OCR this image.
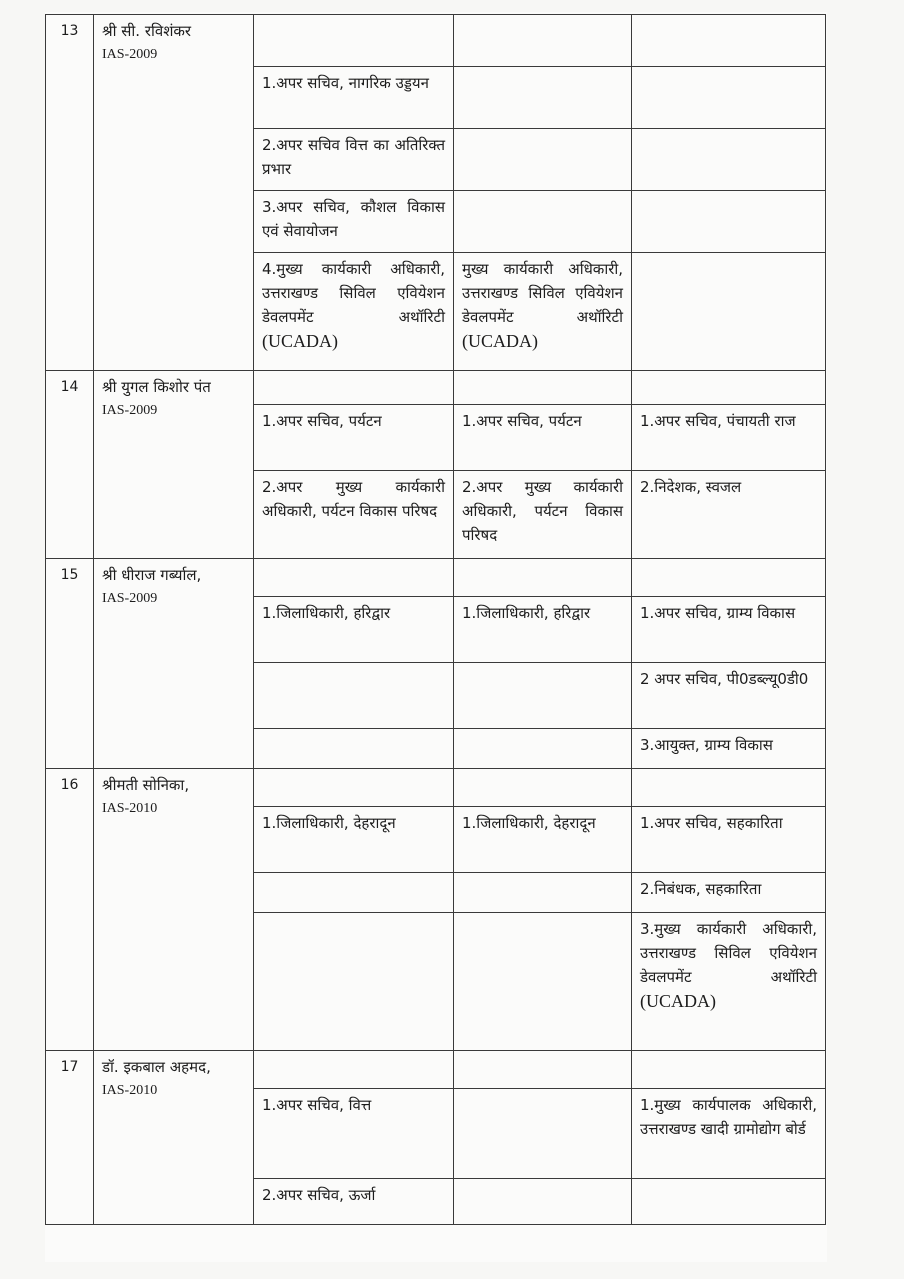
13	श्री सी. रविशंकर
IAS-2009			

		1.अपर सचिव, नागरिक उड्डयन		
		2.अपर सचिव वित्त का अतिरिक्त प्रभार		
		3.अपर सचिव, कौशल विकास एवं सेवायोजन		
		4.मुख्य कार्यकारी अधिकारी, उत्तराखण्ड सिविल एवियेशन डेवलपमेंट अथॉरिटी (UCADA)	मुख्य कार्यकारी अधिकारी, उत्तराखण्ड सिविल एवियेशन डेवलपमेंट अथॉरिटी (UCADA)	
14	श्री युगल किशोर पंत
IAS-2009			

		1.अपर सचिव, पर्यटन	1.अपर सचिव, पर्यटन	1.अपर सचिव, पंचायती राज
		2.अपर मुख्य कार्यकारी अधिकारी, पर्यटन विकास परिषद	2.अपर मुख्य कार्यकारी अधिकारी, पर्यटन विकास परिषद	2.निदेशक, स्वजल
15	श्री धीराज गर्ब्याल,
IAS-2009			

		1.जिलाधिकारी, हरिद्वार	1.जिलाधिकारी, हरिद्वार	1.अपर सचिव, ग्राम्य विकास
				2 अपर सचिव, पी0डब्ल्यू0डी0
				3.आयुक्त, ग्राम्य विकास
16	श्रीमती सोनिका,
IAS-2010			

		1.जिलाधिकारी, देहरादून	1.जिलाधिकारी, देहरादून	1.अपर सचिव, सहकारिता
				2.निबंधक, सहकारिता
				3.मुख्य कार्यकारी अधिकारी, उत्तराखण्ड सिविल एवियेशन डेवलपमेंट अथॉरिटी (UCADA)
17	डॉ. इकबाल अहमद,
IAS-2010			

		1.अपर सचिव, वित्त		1.मुख्य कार्यपालक अधिकारी, उत्तराखण्ड खादी ग्रामोद्योग बोर्ड
		2.अपर सचिव, ऊर्जा		
